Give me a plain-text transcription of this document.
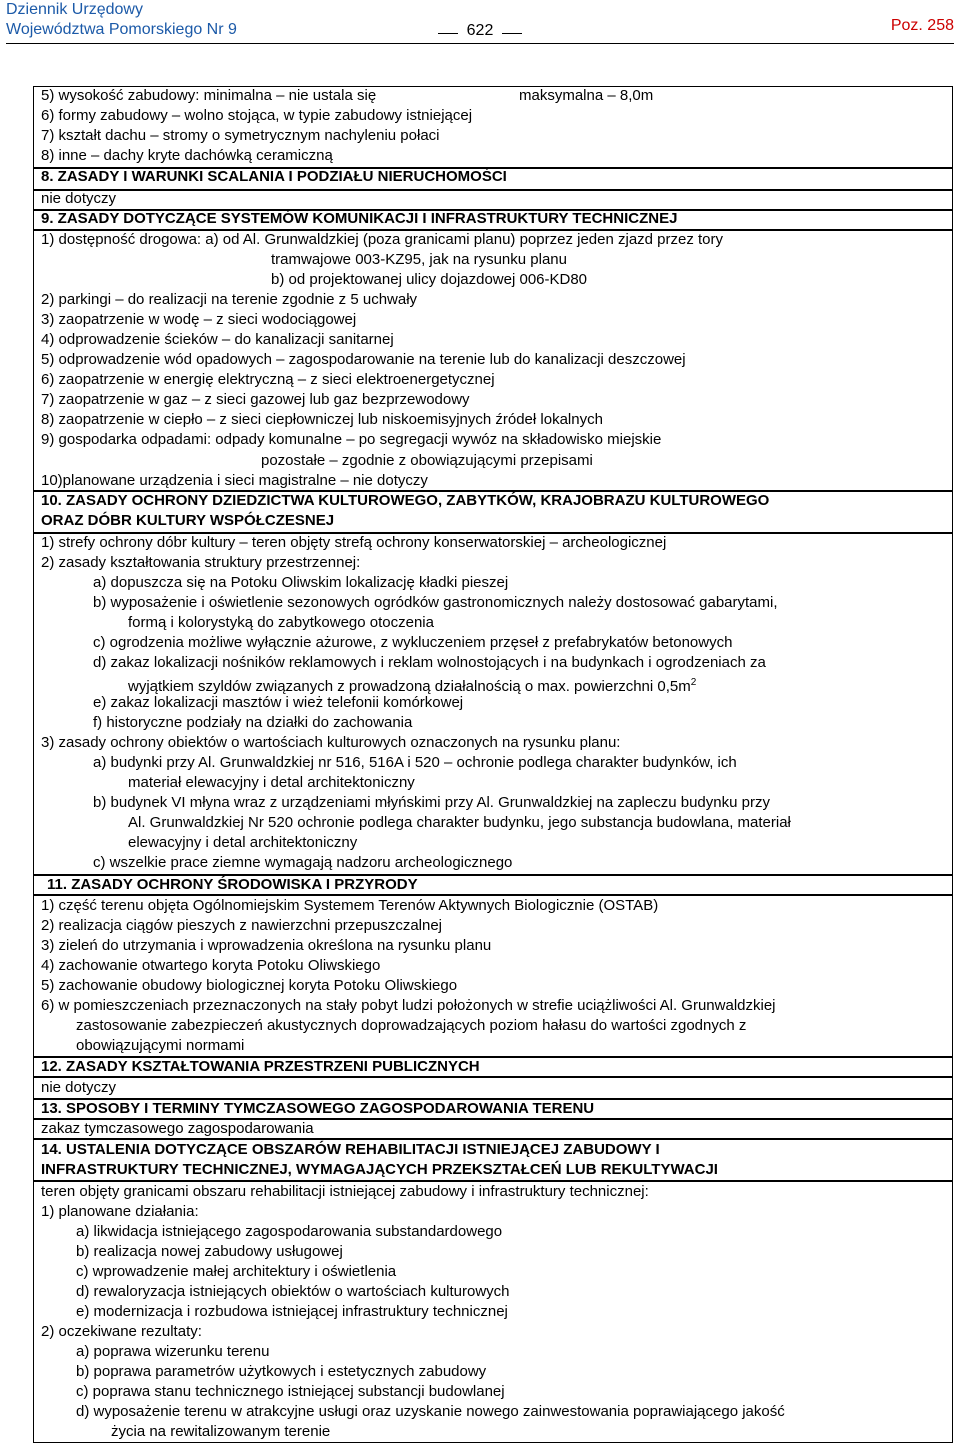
Dziennik Urzędowy
Województwa Pomorskiego Nr 9	622	Poz. 258
5) wysokość zabudowy: minimalna – nie ustala się	maksymalna – 8,0m
6) formy zabudowy – wolno stojąca, w typie zabudowy istniejącej
7) kształt dachu – stromy o symetrycznym nachyleniu połaci
8) inne – dachy kryte dachówką ceramiczną
8. ZASADY I WARUNKI SCALANIA I PODZIAŁU NIERUCHOMOŚCI
nie dotyczy
9. ZASADY DOTYCZĄCE SYSTEMÓW KOMUNIKACJI I INFRASTRUKTURY TECHNICZNEJ
1) dostępność drogowa: a) od Al. Grunwaldzkiej (poza granicami planu) poprzez jeden zjazd przez tory
tramwajowe 003-KZ95, jak na rysunku planu
b) od projektowanej ulicy dojazdowej 006-KD80
2) parkingi – do realizacji na terenie zgodnie z 5 uchwały
3) zaopatrzenie w wodę – z sieci wodociągowej
4) odprowadzenie ścieków – do kanalizacji sanitarnej
5) odprowadzenie wód opadowych – zagospodarowanie na terenie lub do kanalizacji deszczowej
6) zaopatrzenie w energię elektryczną – z sieci elektroenergetycznej
7) zaopatrzenie w gaz – z sieci gazowej lub gaz bezprzewodowy
8) zaopatrzenie w ciepło – z sieci ciepłowniczej lub niskoemisyjnych źródeł lokalnych
9) gospodarka odpadami: odpady komunalne – po segregacji wywóz na składowisko miejskie
pozostałe – zgodnie z obowiązującymi przepisami
10)planowane urządzenia i sieci magistralne – nie dotyczy
10. ZASADY OCHRONY DZIEDZICTWA KULTUROWEGO, ZABYTKÓW, KRAJOBRAZU KULTUROWEGO
ORAZ DÓBR KULTURY WSPÓŁCZESNEJ
1) strefy ochrony dóbr kultury – teren objęty strefą ochrony konserwatorskiej – archeologicznej
2) zasady kształtowania struktury przestrzennej:
a) dopuszcza się na Potoku Oliwskim lokalizację kładki pieszej
b) wyposażenie i oświetlenie sezonowych ogródków gastronomicznych należy dostosować gabarytami,
formą i kolorystyką do zabytkowego otoczenia
c) ogrodzenia możliwe wyłącznie ażurowe, z wykluczeniem przęseł z prefabrykatów betonowych
d) zakaz lokalizacji nośników reklamowych i reklam wolnostojących i na budynkach i ogrodzeniach za
wyjątkiem szyldów związanych z prowadzoną działalnością o max. powierzchni $0,5m^2$
e) zakaz lokalizacji masztów i wież telefonii komórkowej
f) historyczne podziały na działki do zachowania
3) zasady ochrony obiektów o wartościach kulturowych oznaczonych na rysunku planu:
a) budynki przy Al. Grunwaldzkiej nr 516, 516A i 520 – ochronie podlega charakter budynków, ich
materiał elewacyjny i detal architektoniczny
b) budynek VI młyna wraz z urządzeniami młyńskimi przy Al. Grunwaldzkiej na zapleczu budynku przy
Al. Grunwaldzkiej Nr 520 ochronie podlega charakter budynku, jego substancja budowlana, materiał
elewacyjny i detal architektoniczny
c) wszelkie prace ziemne wymagają nadzoru archeologicznego
11. ZASADY OCHRONY ŚRODOWISKA I PRZYRODY
1) część terenu objęta Ogólnomiejskim Systemem Terenów Aktywnych Biologicznie (OSTAB)
2) realizacja ciągów pieszych z nawierzchni przepuszczalnej
3) zieleń do utrzymania i wprowadzenia określona na rysunku planu
4) zachowanie otwartego koryta Potoku Oliwskiego
5) zachowanie obudowy biologicznej koryta Potoku Oliwskiego
6) w pomieszczeniach przeznaczonych na stały pobyt ludzi położonych w strefie uciążliwości Al. Grunwaldzkiej
zastosowanie zabezpieczeń akustycznych doprowadzających poziom hałasu do wartości zgodnych z
obowiązującymi normami
12. ZASADY KSZTAŁTOWANIA PRZESTRZENI PUBLICZNYCH
nie dotyczy
13. SPOSOBY I TERMINY TYMCZASOWEGO ZAGOSPODAROWANIA TERENU
zakaz tymczasowego zagospodarowania
14. USTALENIA DOTYCZĄCE OBSZARÓW REHABILITACJI ISTNIEJĄCEJ ZABUDOWY I
INFRASTRUKTURY TECHNICZNEJ, WYMAGAJĄCYCH PRZEKSZTAŁCEŃ LUB REKULTYWACJI
teren objęty granicami obszaru rehabilitacji istniejącej zabudowy i infrastruktury technicznej:
1) planowane działania:
a) likwidacja istniejącego zagospodarowania substandardowego
b) realizacja nowej zabudowy usługowej
c) wprowadzenie małej architektury i oświetlenia
d) rewaloryzacja istniejących obiektów o wartościach kulturowych
e) modernizacja i rozbudowa istniejącej infrastruktury technicznej
2) oczekiwane rezultaty:
a) poprawa wizerunku terenu
b) poprawa parametrów użytkowych i estetycznych zabudowy
c) poprawa stanu technicznego istniejącej substancji budowlanej
d) wyposażenie terenu w atrakcyjne usługi oraz uzyskanie nowego zainwestowania poprawiającego jakość
życia na rewitalizowanym terenie
